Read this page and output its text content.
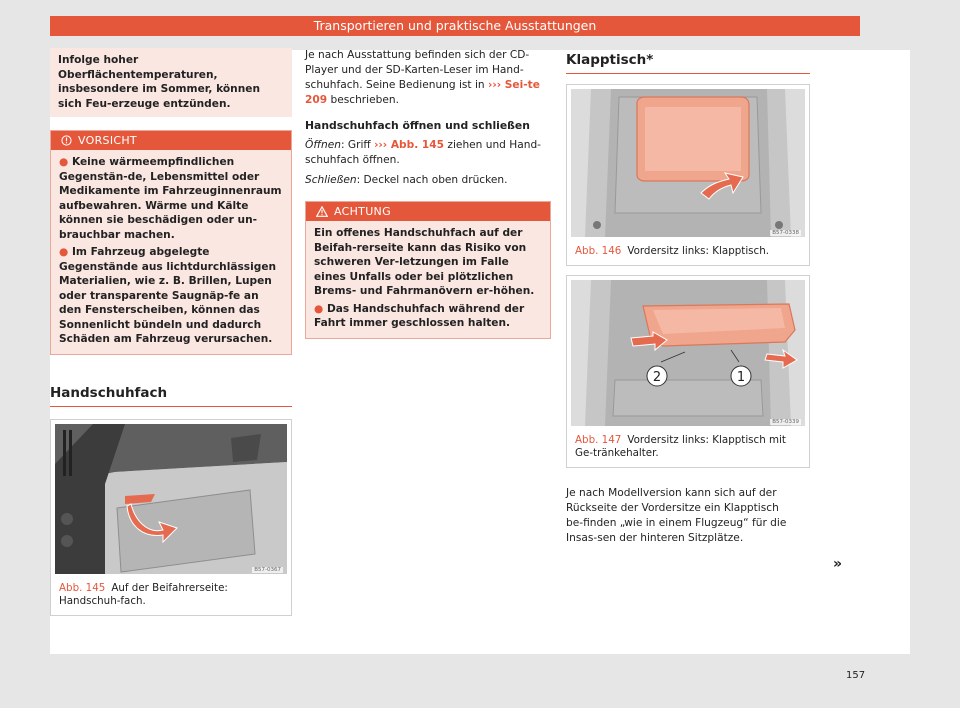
Transportieren und praktische Ausstattungen
Infolge hoher Oberflächentemperaturen, insbesondere im Sommer, können sich Feu-erzeuge entzünden.
VORSICHT
● Keine wärmeempfindlichen Gegenstän-de, Lebensmittel oder Medikamente im Fahrzeuginnenraum aufbewahren. Wärme und Kälte können sie beschädigen oder un-brauchbar machen.
● Im Fahrzeug abgelegte Gegenstände aus lichtdurchlässigen Materialien, wie z. B. Brillen, Lupen oder transparente Saugnäp-fe an den Fensterscheiben, können das Sonnenlicht bündeln und dadurch Schäden am Fahrzeug verursachen.
Handschuhfach
B57-0367
Abb. 145 Auf der Beifahrerseite: Handschuh-fach.

Je nach Ausstattung befinden sich der CD-Player und der SD-Karten-Leser im Hand-schuhfach. Seine Bedienung ist in ››› Sei-te 209 beschrieben.

Handschuhfach öffnen und schließen

Öffnen: Griff ››› Abb. 145 ziehen und Hand-schuhfach öffnen.

Schließen: Deckel nach oben drücken.

ACHTUNG
Ein offenes Handschuhfach auf der Beifah-rerseite kann das Risiko von schweren Ver-letzungen im Falle eines Unfalls oder bei plötzlichen Brems- und Fahrmanövern er-höhen.
● Das Handschuhfach während der Fahrt immer geschlossen halten.
Klapptisch*
B57-0338
Abb. 146 Vordersitz links: Klapptisch.
2	1
B57-0339
Abb. 147 Vordersitz links: Klapptisch mit Ge-tränkehalter.

Je nach Modellversion kann sich auf der Rückseite der Vordersitze ein Klapptisch be-finden „wie in einem Flugzeug“ für die Insas-sen der hinteren Sitzplätze.

»
157
